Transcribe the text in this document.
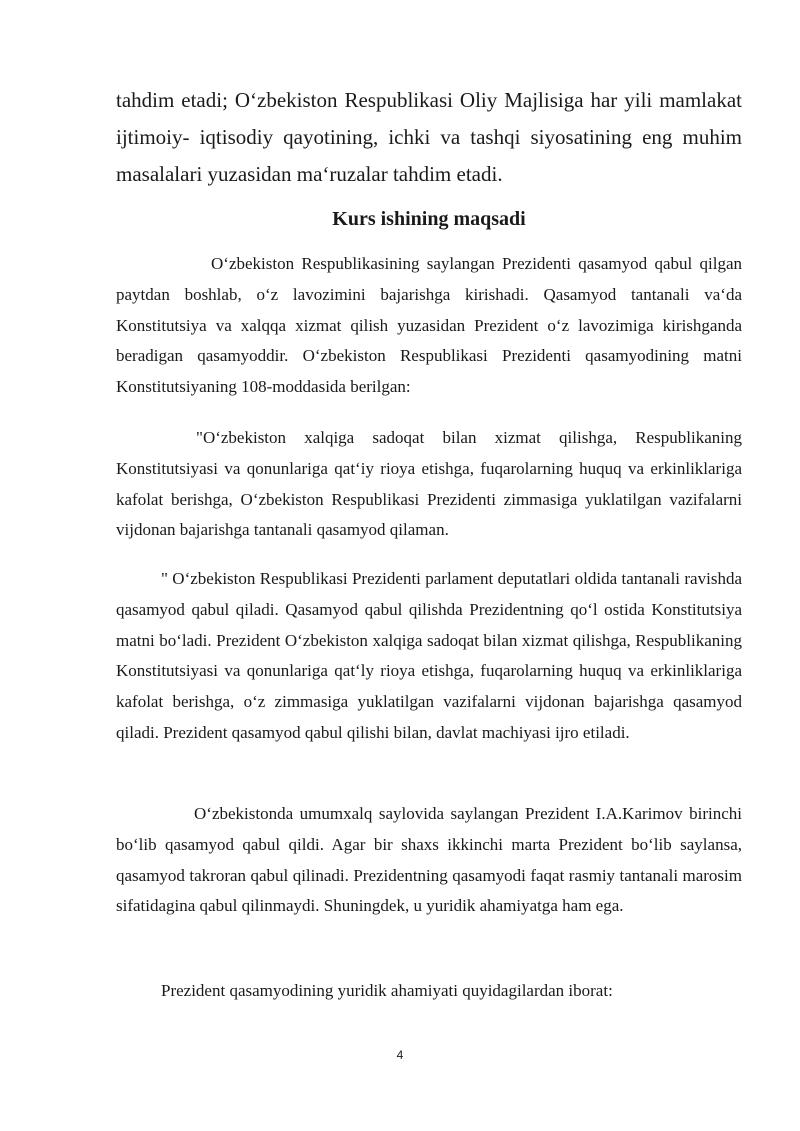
tahdim etadi; O‘zbekiston Respublikasi Oliy Majlisiga har yili mamlakat ijtimoiy- iqtisodiy qayotining, ichki va tashqi siyosatining eng muhim masalalari yuzasidan ma‘ruzalar tahdim etadi.

Kurs ishining maqsadi

O‘zbekiston Respublikasining saylangan Prezidenti qasamyod qabul qilgan paytdan boshlab, o‘z lavozimini bajarishga kirishadi. Qasamyod tantanali va‘da Konstitutsiya va xalqqa xizmat qilish yuzasidan Prezident o‘z lavozimiga kirishganda beradigan qasamyoddir. O‘zbekiston Respublikasi Prezidenti qasamyodining matni Konstitutsiyaning 108-moddasida berilgan:

"O‘zbekiston xalqiga sadoqat bilan xizmat qilishga, Respublikaning Konstitutsiyasi va qonunlariga qat‘iy rioya etishga, fuqarolarning huquq va erkinliklariga kafolat berishga, O‘zbekiston Respublikasi Prezidenti zimmasiga yuklatilgan vazifalarni vijdonan bajarishga tantanali qasamyod qilaman.

" O‘zbekiston Respublikasi Prezidenti parlament deputatlari oldida tantanali ravishda qasamyod qabul qiladi. Qasamyod qabul qilishda Prezidentning qo‘l ostida Konstitutsiya matni bo‘ladi. Prezident O‘zbekiston xalqiga sadoqat bilan xizmat qilishga, Respublikaning Konstitutsiyasi va qonunlariga qat‘ly rioya etishga, fuqarolarning huquq va erkinliklariga kafolat berishga, o‘z zimmasiga yuklatilgan vazifalarni vijdonan bajarishga qasamyod qiladi. Prezident qasamyod qabul qilishi bilan, davlat machiyasi ijro etiladi.

O‘zbekistonda umumxalq saylovida saylangan Prezident I.A.Karimov birinchi bo‘lib qasamyod qabul qildi. Agar bir shaxs ikkinchi marta Prezident bo‘lib saylansa, qasamyod takroran qabul qilinadi. Prezidentning qasamyodi faqat rasmiy tantanali marosim sifatidagina qabul qilinmaydi. Shuningdek, u yuridik ahamiyatga ham ega.

Prezident qasamyodining yuridik ahamiyati quyidagilardan iborat:

4
